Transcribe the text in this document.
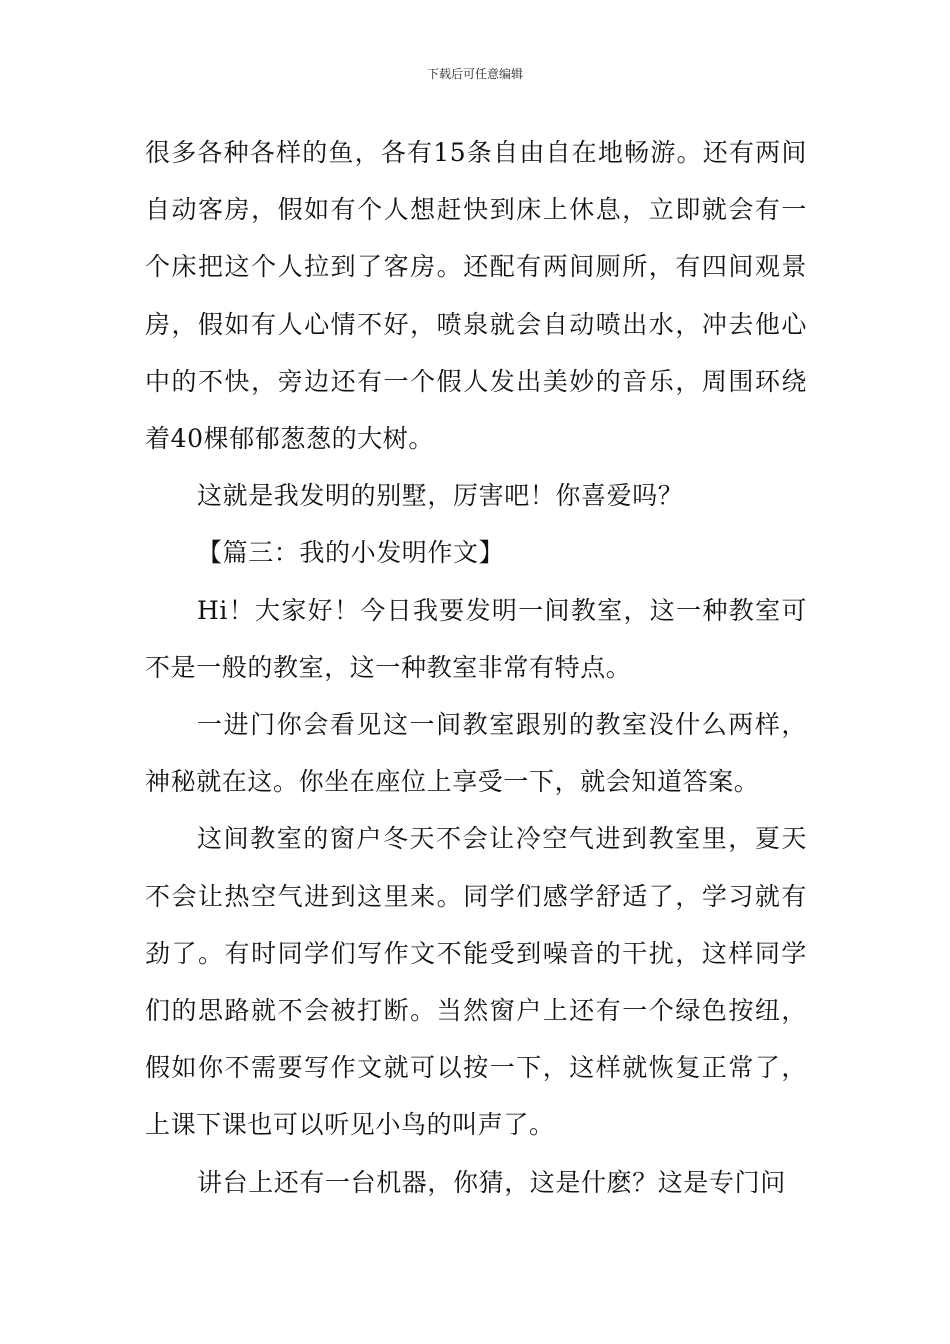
下载后可任意编辑

很多各种各样的鱼，各有15条自由自在地畅游。还有两间自动客房，假如有个人想赶快到床上休息，立即就会有一个床把这个人拉到了客房。还配有两间厕所，有四间观景房，假如有人心情不好，喷泉就会自动喷出水，冲去他心中的不快，旁边还有一个假人发出美妙的音乐，周围环绕着40棵郁郁葱葱的大树。

这就是我发明的别墅，厉害吧！你喜爱吗？

【篇三：我的小发明作文】

Hi！大家好！今日我要发明一间教室，这一种教室可不是一般的教室，这一种教室非常有特点。

一进门你会看见这一间教室跟别的教室没什么两样，神秘就在这。你坐在座位上享受一下，就会知道答案。

这间教室的窗户冬天不会让冷空气进到教室里，夏天不会让热空气进到这里来。同学们感学舒适了，学习就有劲了。有时同学们写作文不能受到噪音的干扰，这样同学们的思路就不会被打断。当然窗户上还有一个绿色按纽，假如你不需要写作文就可以按一下，这样就恢复正常了，上课下课也可以听见小鸟的叫声了。

讲台上还有一台机器，你猜，这是什麽？这是专门问
